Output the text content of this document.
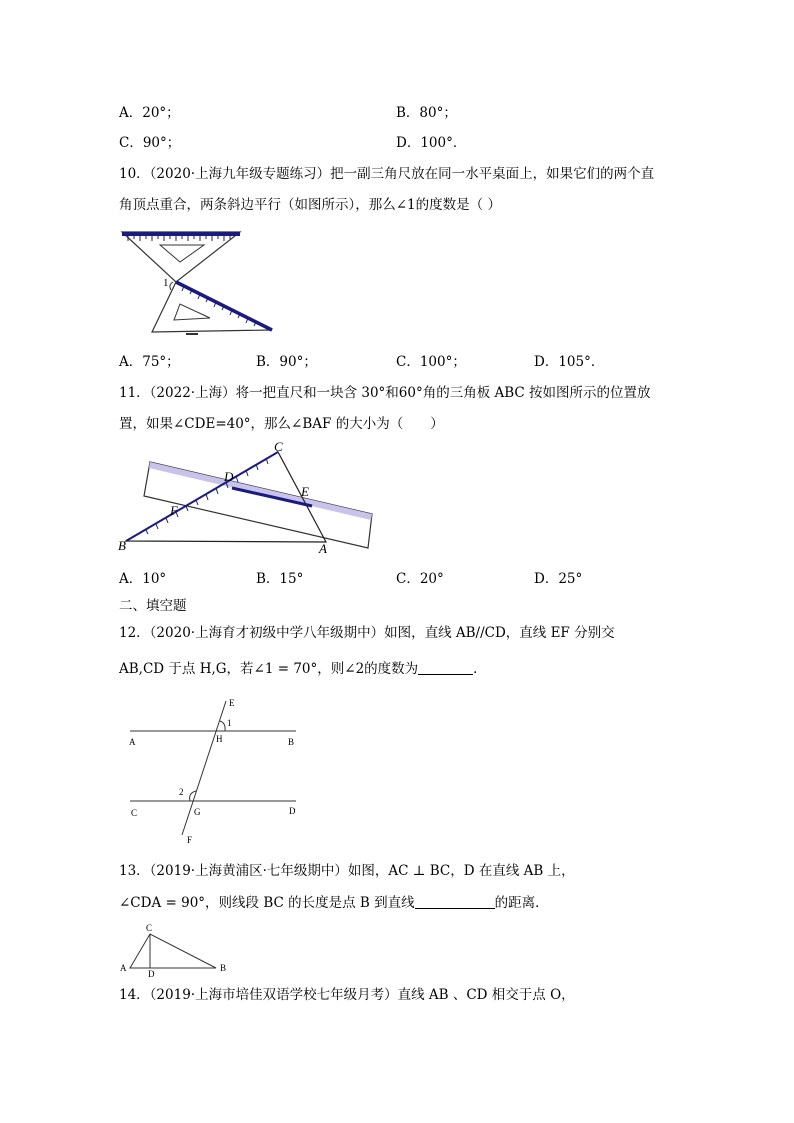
A．20°；	B．80°；
C．90°；	D．100°．
10．（2020·上海九年级专题练习）把一副三角尺放在同一水平桌面上，如果它们的两个直
角顶点重合，两条斜边平行（如图所示），那么∠1的度数是（ ）
1
A．75°；	B．90°；	C．100°；	D．105°．
11．（2022·上海）将一把直尺和一块含 30°和60°角的三角板 ABC 按如图所示的位置放
置，如果∠CDE=40°，那么∠BAF 的大小为（　　）
C
D
E
F
B	A
A．10°	B．15°	C．20°	D．25°
二、填空题
12．（2020·上海育才初级中学八年级期中）如图，直线 AB//CD，直线 EF 分别交
AB,CD 于点 H,G，若∠1 = 70°，则∠2的度数为	．
E
1
A	H	B
2
C	G	D
F
13．（2019·上海黄浦区·七年级期中）如图，AC ⊥ BC，D 在直线 AB 上，
∠CDA = 90°，则线段 BC 的长度是点 B 到直线	的距离．
C
A
D
B
14．（2019·上海市培佳双语学校七年级月考）直线 AB 、CD 相交于点 O，
